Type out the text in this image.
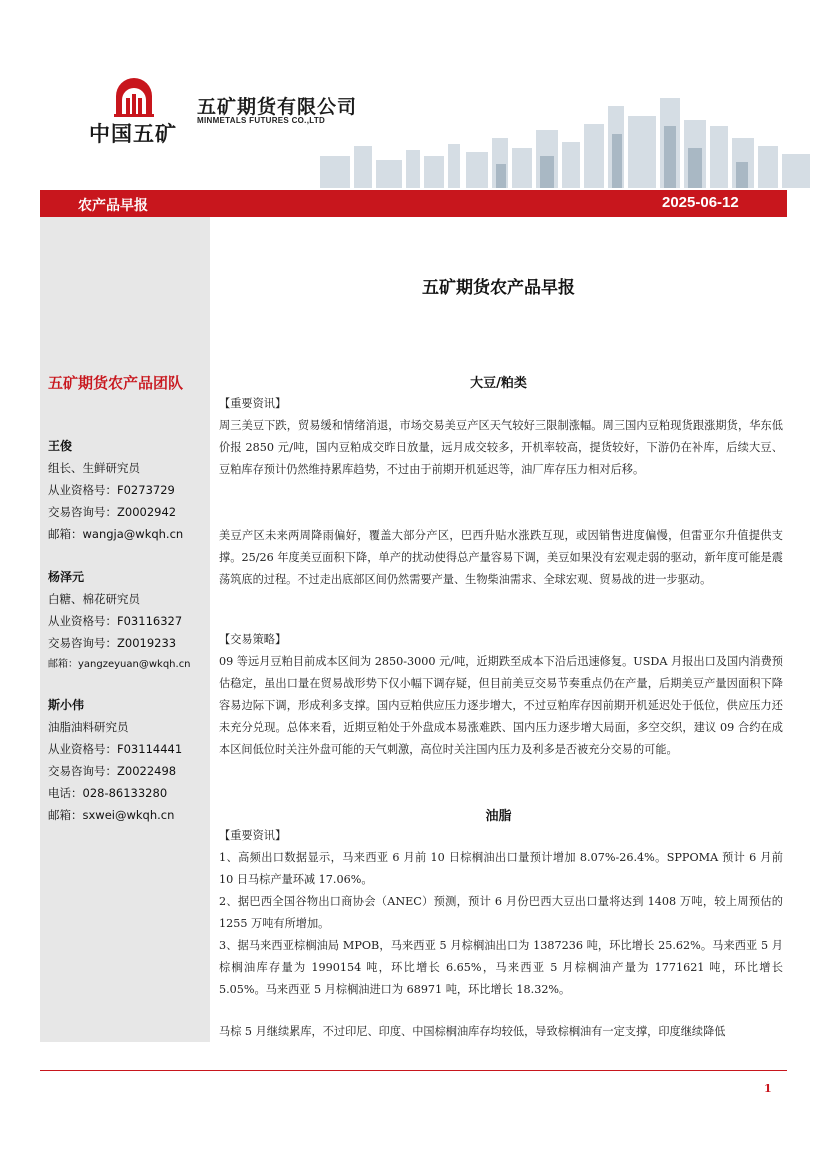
中国五矿
五矿期货有限公司
MINMETALS FUTURES CO.,LTD
农产品早报	2025-06-12
五矿期货农产品早报
五矿期货农产品团队
王俊
组长、生鲜研究员
从业资格号：F0273729
交易咨询号：Z0002942
邮箱：wangja@wkqh.cn
杨泽元
白糖、棉花研究员
从业资格号：F03116327
交易咨询号：Z0019233
邮箱：yangzeyuan@wkqh.cn
斯小伟
油脂油料研究员
从业资格号：F03114441
交易咨询号：Z0022498
电话：028-86133280
邮箱：sxwei@wkqh.cn
大豆/粕类
【重要资讯】
周三美豆下跌，贸易缓和情绪消退，市场交易美豆产区天气较好三限制涨幅。周三国内豆粕现货跟涨期货，华东低价报 2850 元/吨，国内豆粕成交昨日放量，远月成交较多，开机率较高，提货较好，下游仍在补库，后续大豆、豆粕库存预计仍然维持累库趋势，不过由于前期开机延迟等，油厂库存压力相对后移。
美豆产区未来两周降雨偏好，覆盖大部分产区，巴西升贴水涨跌互现，或因销售进度偏慢，但雷亚尔升值提供支撑。25/26 年度美豆面积下降，单产的扰动使得总产量容易下调，美豆如果没有宏观走弱的驱动，新年度可能是震荡筑底的过程。不过走出底部区间仍然需要产量、生物柴油需求、全球宏观、贸易战的进一步驱动。
【交易策略】
09 等远月豆粕目前成本区间为 2850-3000 元/吨，近期跌至成本下沿后迅速修复。USDA 月报出口及国内消费预估稳定，虽出口量在贸易战形势下仅小幅下调存疑，但目前美豆交易节奏重点仍在产量，后期美豆产量因面积下降容易边际下调，形成利多支撑。国内豆粕供应压力逐步增大，不过豆粕库存因前期开机延迟处于低位，供应压力还未充分兑现。总体来看，近期豆粕处于外盘成本易涨难跌、国内压力逐步增大局面，多空交织，建议 09 合约在成本区间低位时关注外盘可能的天气刺激，高位时关注国内压力及利多是否被充分交易的可能。
油脂
【重要资讯】
1、高频出口数据显示，马来西亚 6 月前 10 日棕榈油出口量预计增加 8.07%-26.4%。SPPOMA 预计 6 月前 10 日马棕产量环减 17.06%。
2、据巴西全国谷物出口商协会（ANEC）预测，预计 6 月份巴西大豆出口量将达到 1408 万吨，较上周预估的 1255 万吨有所增加。
3、据马来西亚棕榈油局 MPOB，马来西亚 5 月棕榈油出口为 1387236 吨，环比增长 25.62%。马来西亚 5 月棕榈油库存量为 1990154 吨，环比增长 6.65%，马来西亚 5 月棕榈油产量为 1771621 吨，环比增长 5.05%。马来西亚 5 月棕榈油进口为 68971 吨，环比增长 18.32%。
马棕 5 月继续累库，不过印尼、印度、中国棕榈油库存均较低，导致棕榈油有一定支撑，印度继续降低
1
